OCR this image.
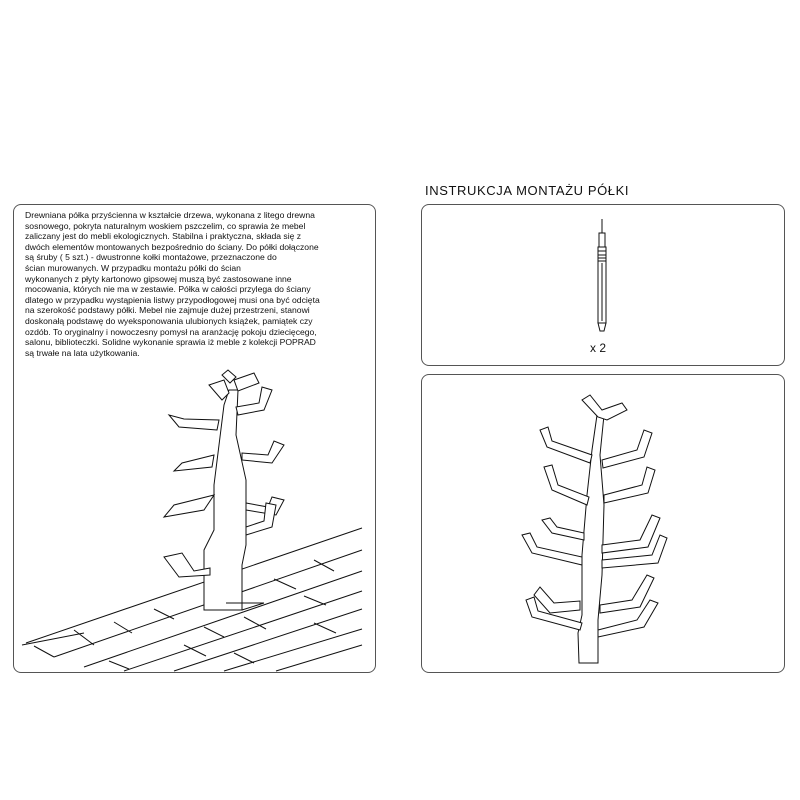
INSTRUKCJA MONTAŻU PÓŁKI

Drewniana półka przyścienna w kształcie drzewa, wykonana z litego drewna

sosnowego, pokryta naturalnym woskiem pszczelim, co sprawia że mebel

zaliczany jest do mebli ekologicznych. Stabilna i praktyczna, składa się z

dwóch elementów montowanych bezpośrednio do ściany. Do półki dołączone

są śruby ( 5 szt.) - dwustronne kołki montażowe, przeznaczone do

ścian murowanych. W przypadku montażu półki do ścian

wykonanych z płyty kartonowo gipsowej muszą być zastosowane inne

mocowania, których nie ma w zestawie. Półka w całości przylega do ściany

dlatego w przypadku wystąpienia listwy przypodłogowej musi ona być odcięta

na szerokość podstawy półki. Mebel nie zajmuje dużej przestrzeni, stanowi

doskonałą podstawę do wyeksponowania ulubionych książek, pamiątek czy

ozdób. To oryginalny i nowoczesny pomysł na aranżację pokoju dziecięcego,

salonu, biblioteczki. Solidne wykonanie sprawia iż meble z kolekcji POPRAD

są trwałe na lata użytkowania.	x 2
